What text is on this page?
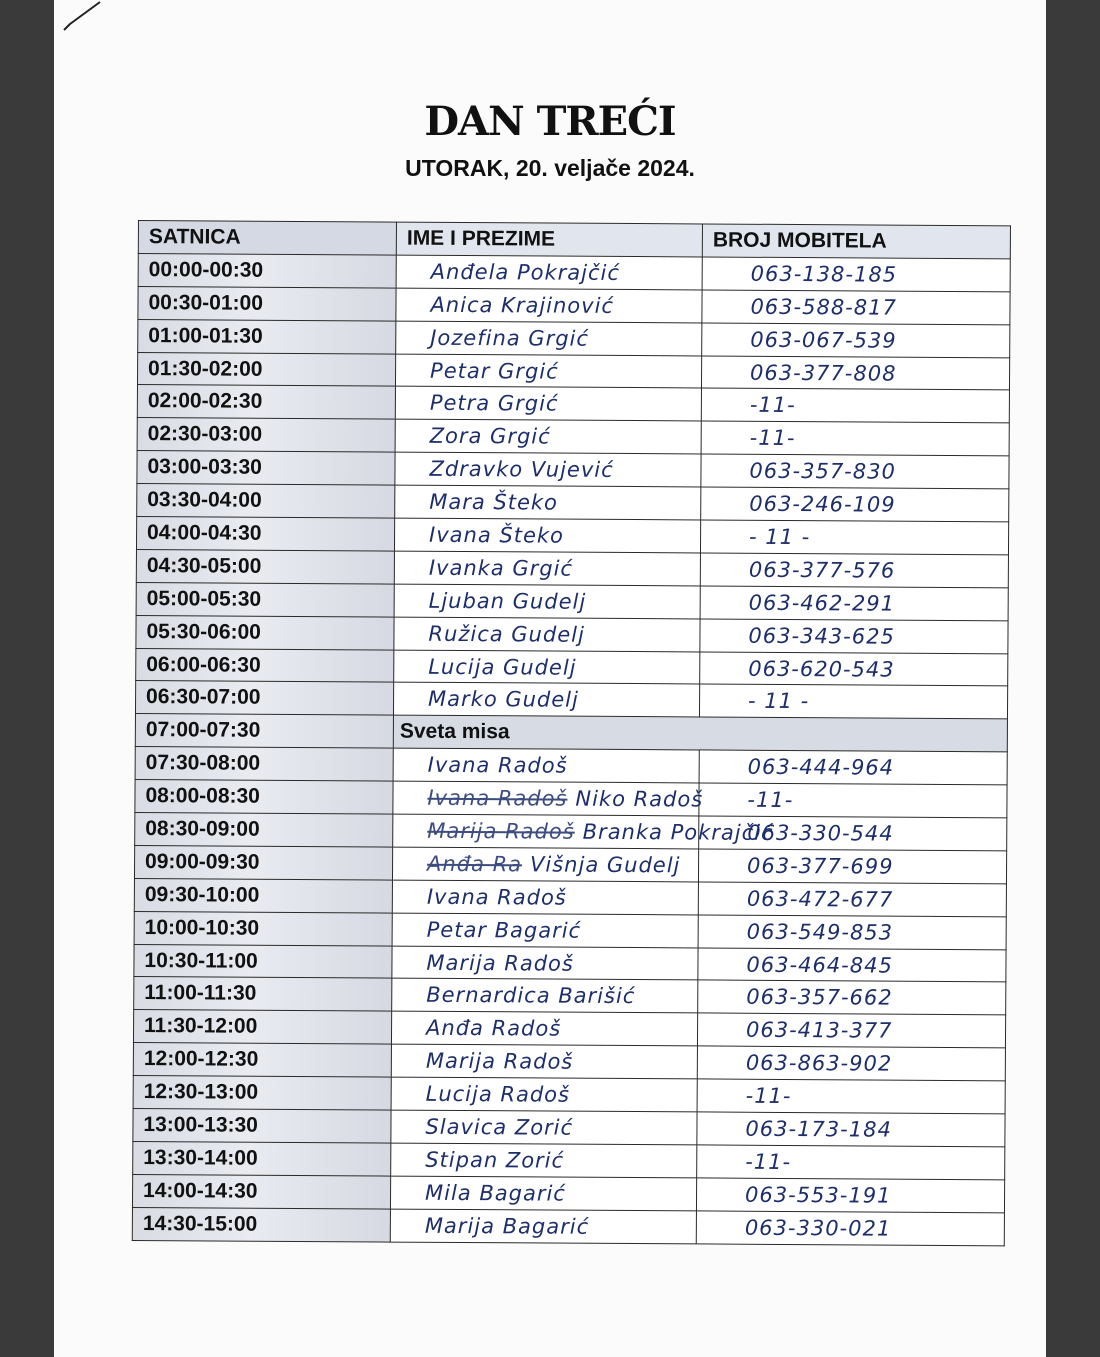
DAN TREĆI
UTORAK, 20. veljače 2024.
SATNICA	IME I PREZIME	BROJ MOBITELA
00:00-00:30	Anđela Pokrajčić	063-138-185
00:30-01:00	Anica Krajinović	063-588-817
01:00-01:30	Jozefina Grgić	063-067-539
01:30-02:00	Petar Grgić	063-377-808
02:00-02:30	Petra Grgić	-11-
02:30-03:00	Zora Grgić	-11-
03:00-03:30	Zdravko Vujević	063-357-830
03:30-04:00	Mara Šteko	063-246-109
04:00-04:30	Ivana Šteko	- 11 -
04:30-05:00	Ivanka Grgić	063-377-576
05:00-05:30	Ljuban Gudelj	063-462-291
05:30-06:00	Ružica Gudelj	063-343-625
06:00-06:30	Lucija Gudelj	063-620-543
06:30-07:00	Marko Gudelj	- 11 -
07:00-07:30	Sveta misa	
07:30-08:00	Ivana Radoš	063-444-964
08:00-08:30	Ivana Radoš Niko Radoš	-11-
08:30-09:00	Marija Radoš Branka Pokrajčić	063-330-544
09:00-09:30	Anđa Ra Višnja Gudelj	063-377-699
09:30-10:00	Ivana Radoš	063-472-677
10:00-10:30	Petar Bagarić	063-549-853
10:30-11:00	Marija Radoš	063-464-845
11:00-11:30	Bernardica Barišić	063-357-662
11:30-12:00	Anđa Radoš	063-413-377
12:00-12:30	Marija Radoš	063-863-902
12:30-13:00	Lucija Radoš	-11-
13:00-13:30	Slavica Zorić	063-173-184
13:30-14:00	Stipan Zorić	-11-
14:00-14:30	Mila Bagarić	063-553-191
14:30-15:00	Marija Bagarić	063-330-021
